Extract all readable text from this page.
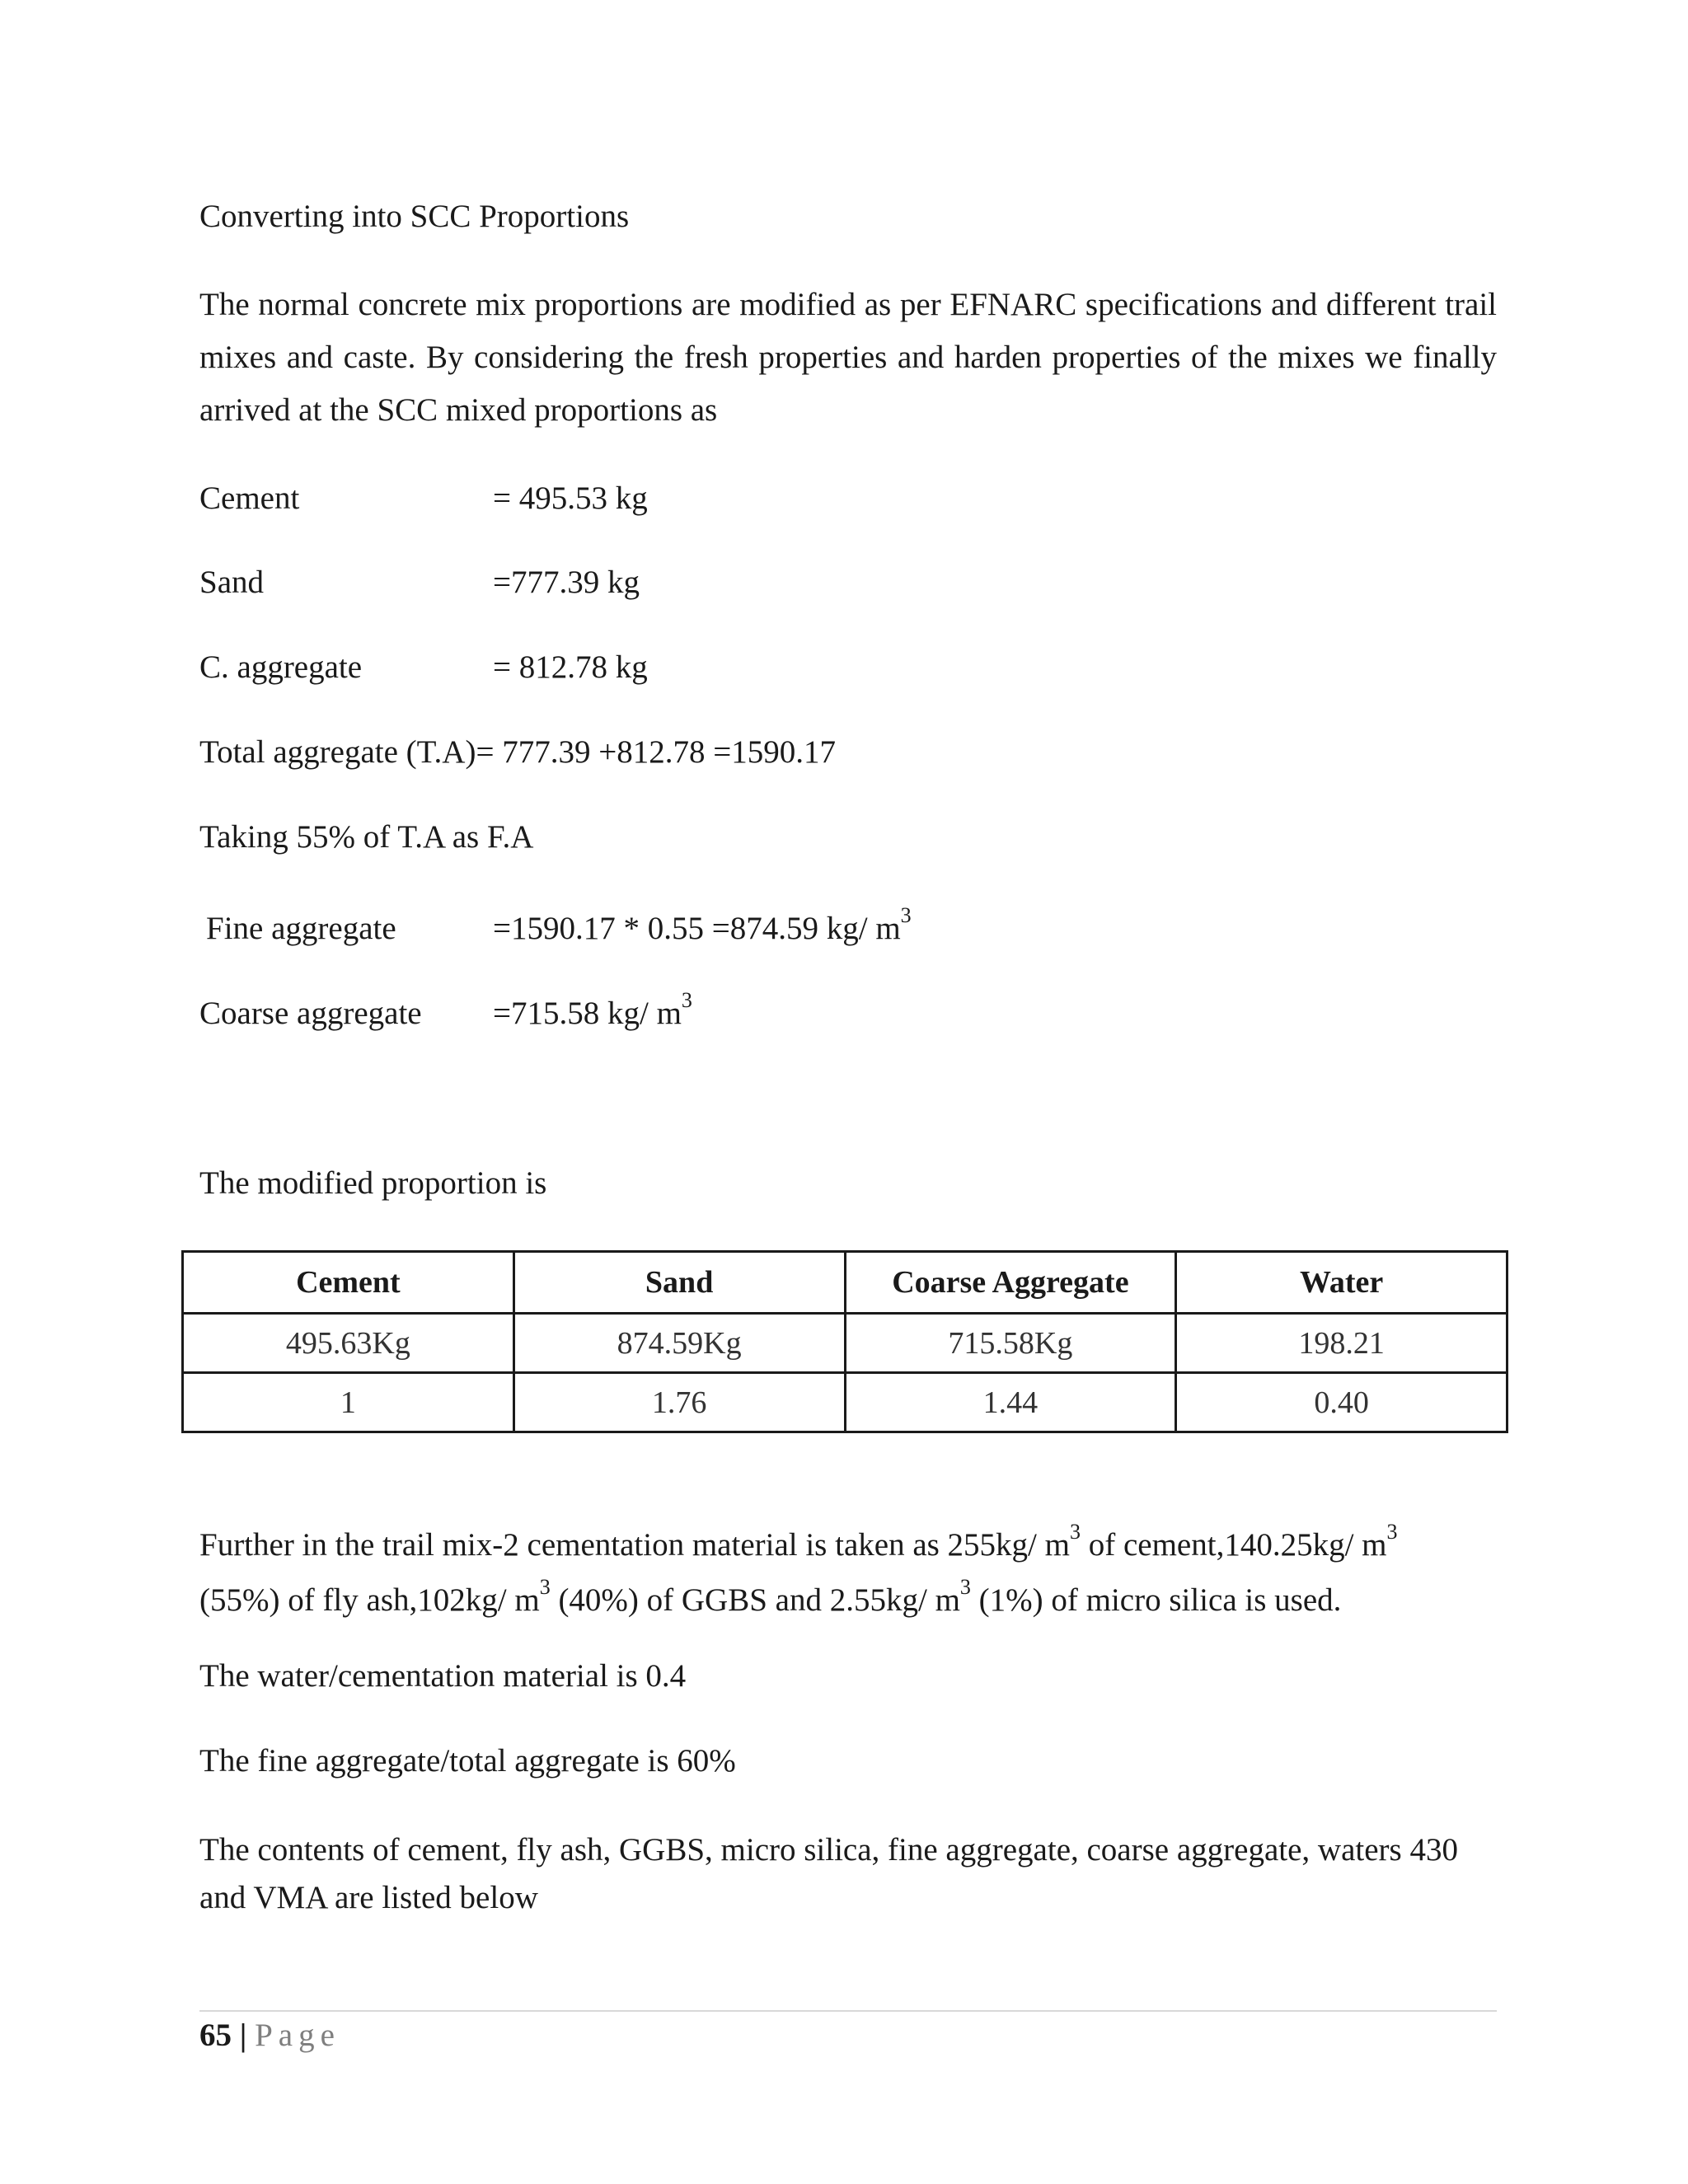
Converting into SCC Proportions

The normal concrete mix proportions are modified as per EFNARC specifications and different trail mixes and caste. By considering the fresh properties and harden properties of the mixes we finally arrived at the SCC mixed proportions as

Cement	= 495.53 kg
Sand	=777.39 kg
C. aggregate	= 812.78 kg

Total aggregate (T.A)= 777.39 +812.78 =1590.17

Taking 55% of T.A as F.A

Fine aggregate	=1590.17 * 0.55 =874.59 kg/ $m^3$
Coarse aggregate =715.58 kg/ $m^3$

The modified proportion is

Cement	Sand	Coarse Aggregate	Water
495.63Kg	874.59Kg	715.58Kg	198.21
1	1.76	1.44	0.40

Further in the trail mix-2 cementation material is taken as 255kg/ $m^3$ of cement,140.25kg/ $m^3$

(55%) of fly ash,102kg/ $m^3$ (40%) of GGBS and 2.55kg/ $m^3$ (1%) of micro silica is used.

The water/cementation material is 0.4

The fine aggregate/total aggregate is 60%

The contents of cement, fly ash, GGBS, micro silica, fine aggregate, coarse aggregate, waters 430 and VMA are listed below

65 | Page
